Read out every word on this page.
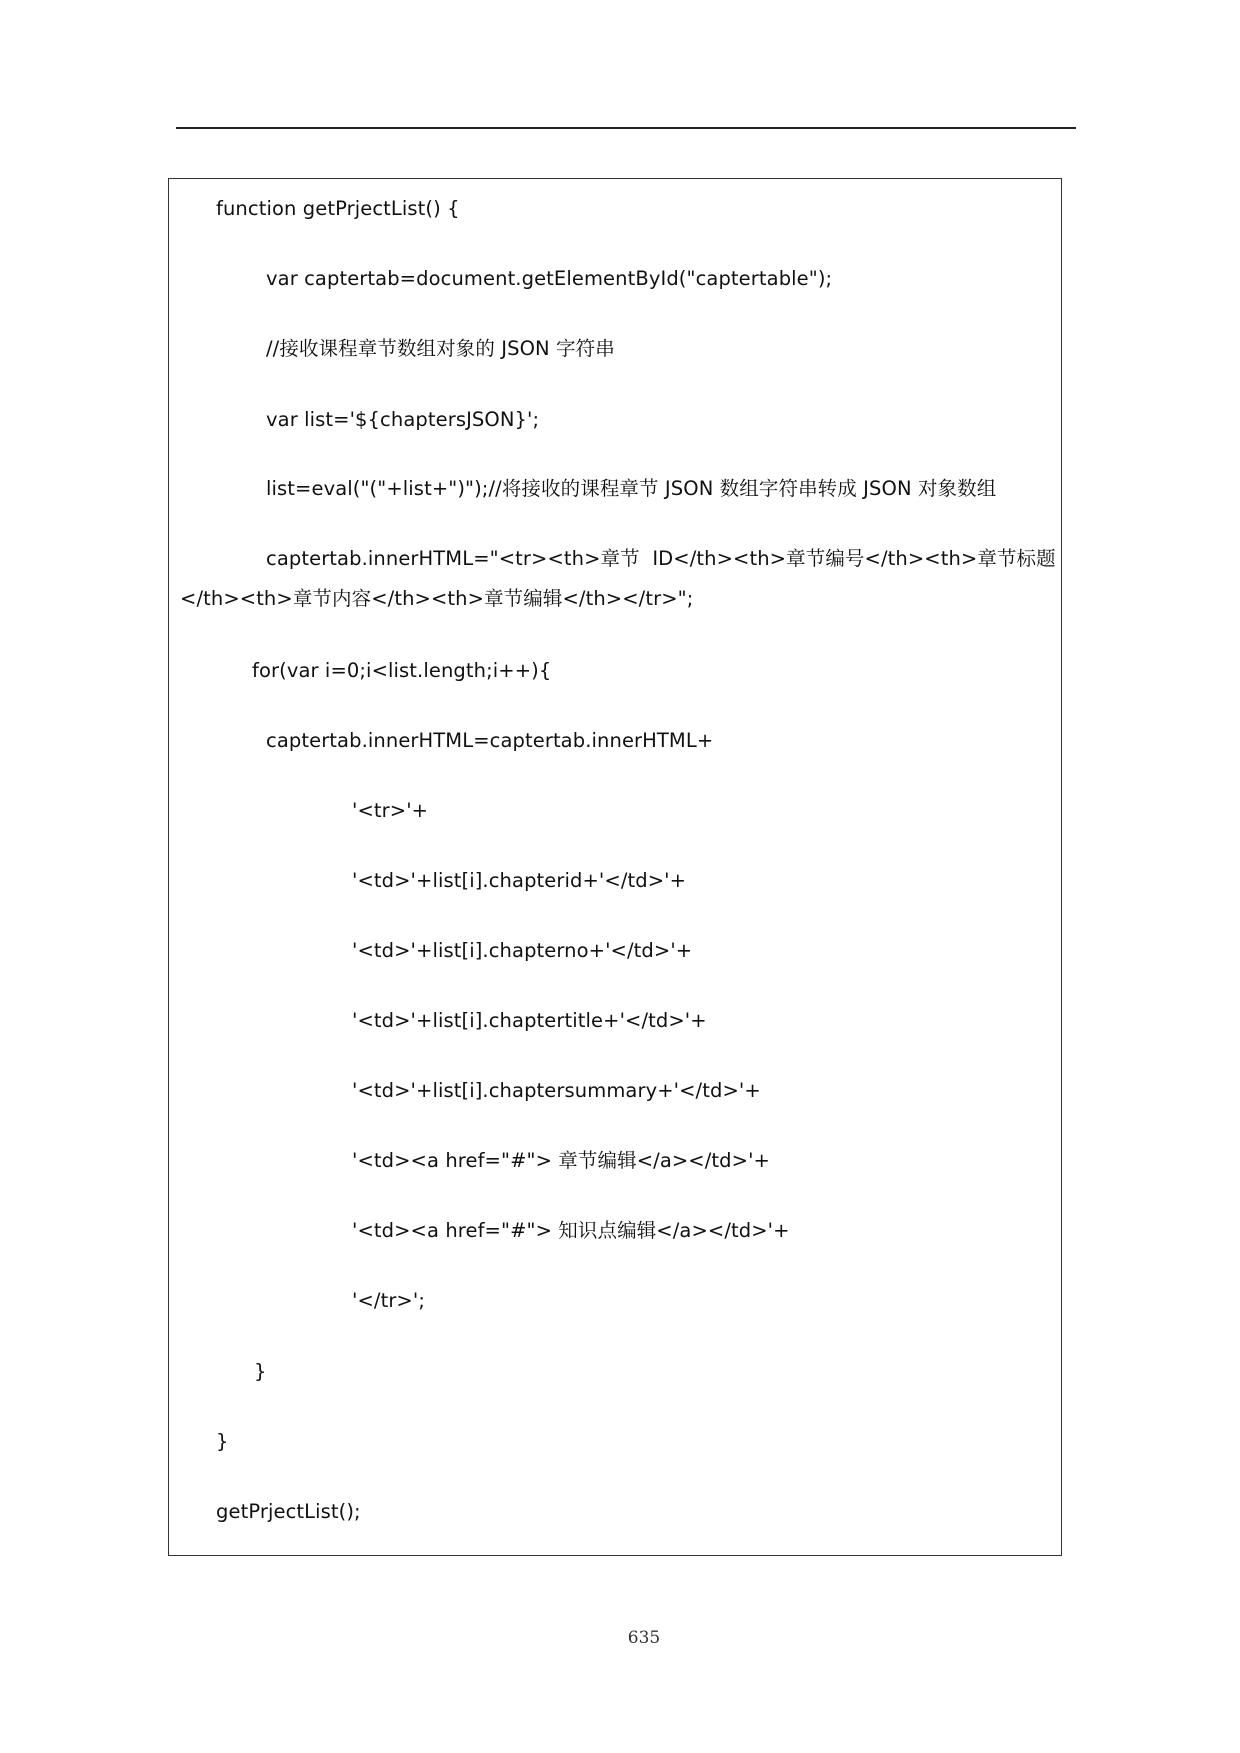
function getPrjectList() {
var captertab=document.getElementById("captertable");
//接收课程章节数组对象的 JSON 字符串
var list='${chaptersJSON}';
list=eval("("+list+")");//将接收的课程章节 JSON 数组字符串转成 JSON 对象数组
captertab.innerHTML="<tr><th>章节  ID</th><th>章节编号</th><th>章节标题
</th><th>章节内容</th><th>章节编辑</th></tr>";
for(var i=0;i<list.length;i++){
captertab.innerHTML=captertab.innerHTML+
'<tr>'+
'<td>'+list[i].chapterid+'</td>'+
'<td>'+list[i].chapterno+'</td>'+
'<td>'+list[i].chaptertitle+'</td>'+
'<td>'+list[i].chaptersummary+'</td>'+
'<td><a href="#"> 章节编辑</a></td>'+
'<td><a href="#"> 知识点编辑</a></td>'+
'</tr>';
}
}
getPrjectList();
635
